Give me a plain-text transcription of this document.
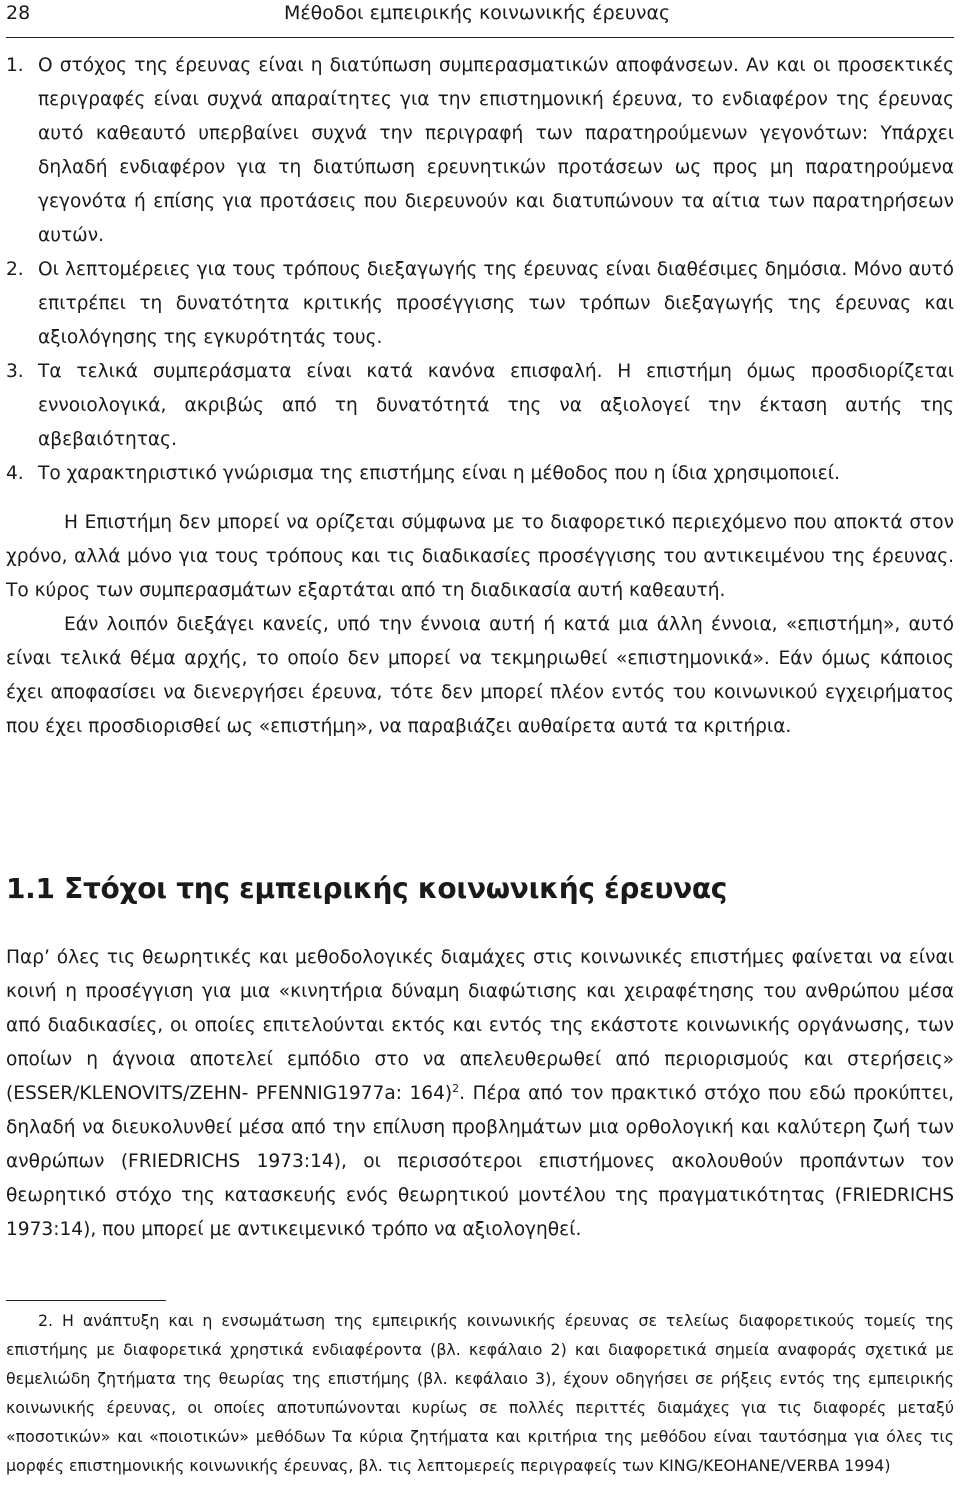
28	Μέθοδοι εμπειρικής κοινωνικής έρευνας
1. Ο στόχος της έρευνας είναι η διατύπωση συμπερασματικών αποφάνσεων. Αν και οι προσεκτικές περιγραφές είναι συχνά απαραίτητες για την επιστημονική έρευνα, το ενδιαφέρον της έρευνας αυτό καθεαυτό υπερβαίνει συχνά την περιγραφή των παρατηρούμενων γεγονότων: Υπάρχει δηλαδή ενδιαφέρον για τη διατύπωση ερευνητικών προτάσεων ως προς μη παρατηρούμενα γεγονότα ή επίσης για προτάσεις που διερευνούν και διατυπώνουν τα αίτια των παρατηρήσεων αυτών.
2. Οι λεπτομέρειες για τους τρόπους διεξαγωγής της έρευνας είναι διαθέσιμες δημόσια. Μόνο αυτό επιτρέπει τη δυνατότητα κριτικής προσέγγισης των τρόπων διεξαγωγής της έρευνας και αξιολόγησης της εγκυρότητάς τους.
3. Τα τελικά συμπεράσματα είναι κατά κανόνα επισφαλή. Η επιστήμη όμως προσδιορίζεται εννοιολογικά, ακριβώς από τη δυνατότητά της να αξιολογεί την έκταση αυτής της αβεβαιότητας.
4. Το χαρακτηριστικό γνώρισμα της επιστήμης είναι η μέθοδος που η ίδια χρησιμοποιεί.

Η Επιστήμη δεν μπορεί να ορίζεται σύμφωνα με το διαφορετικό περιεχόμενο που αποκτά στον χρόνο, αλλά μόνο για τους τρόπους και τις διαδικασίες προσέγγισης του αντικειμένου της έρευνας. Το κύρος των συμπερασμάτων εξαρτάται από τη διαδικασία αυτή καθεαυτή.

Εάν λοιπόν διεξάγει κανείς, υπό την έννοια αυτή ή κατά μια άλλη έννοια, «επιστήμη», αυτό είναι τελικά θέμα αρχής, το οποίο δεν μπορεί να τεκμηριωθεί «επιστημονικά». Εάν όμως κάποιος έχει αποφασίσει να διενεργήσει έρευνα, τότε δεν μπορεί πλέον εντός του κοινωνικού εγχειρήματος που έχει προσδιορισθεί ως «επιστήμη», να παραβιάζει αυθαίρετα αυτά τα κριτήρια.

1.1 Στόχοι της εμπειρικής κοινωνικής έρευνας

Παρ’ όλες τις θεωρητικές και μεθοδολογικές διαμάχες στις κοινωνικές επιστήμες φαίνεται να είναι κοινή η προσέγγιση για μια «κινητήρια δύναμη διαφώτισης και χειραφέτησης του ανθρώπου μέσα από διαδικασίες, οι οποίες επιτελούνται εκτός και εντός της εκάστοτε κοινωνικής οργάνωσης, των οποίων η άγνοια αποτελεί εμπόδιο στο να απελευθερωθεί από περιορισμούς και στερήσεις» (ESSER/KLENOVITS/ZEHN- PFENNIG1977a: 164)$^2$. Πέρα από τον πρακτικό στόχο που εδώ προκύπτει, δηλαδή να διευκολυνθεί μέσα από την επίλυση προβλημάτων μια ορθολογική και καλύτερη ζωή των ανθρώπων (FRIEDRICHS 1973:14), οι περισσότεροι επιστήμονες ακολουθούν προπάντων τον θεωρητικό στόχο της κατασκευής ενός θεωρητικού μοντέλου της πραγματικότητας (FRIEDRICHS 1973:14), που μπορεί με αντικειμενικό τρόπο να αξιολογηθεί.

2. Η ανάπτυξη και η ενσωμάτωση της εμπειρικής κοινωνικής έρευνας σε τελείως διαφορετικούς τομείς της επιστήμης με διαφορετικά χρηστικά ενδιαφέροντα (βλ. κεφάλαιο 2) και διαφορετικά σημεία αναφοράς σχετικά με θεμελιώδη ζητήματα της θεωρίας της επιστήμης (βλ. κεφάλαιο 3), έχουν οδηγήσει σε ρήξεις εντός της εμπειρικής κοινωνικής έρευνας, οι οποίες αποτυπώνονται κυρίως σε πολλές περιττές διαμάχες για τις διαφορές μεταξύ «ποσοτικών» και «ποιοτικών» μεθόδων Τα κύρια ζητήματα και κριτήρια της μεθόδου είναι ταυτόσημα για όλες τις μορφές επιστημονικής κοινωνικής έρευνας, βλ. τις λεπτομερείς περιγραφείς των KING/KEOHANE/VERBA 1994)
